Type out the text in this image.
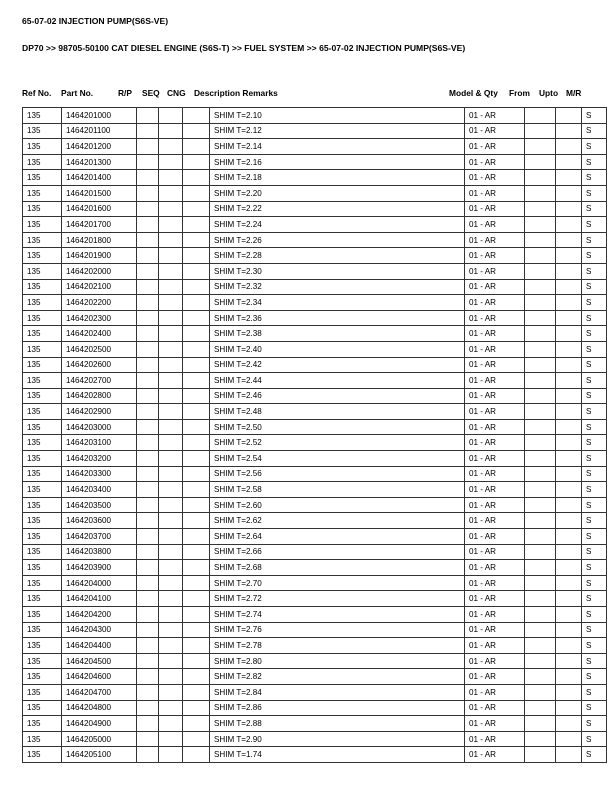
65-07-02 INJECTION PUMP(S6S-VE)
DP70 >> 98705-50100 CAT DIESEL ENGINE (S6S-T) >> FUEL SYSTEM >> 65-07-02 INJECTION PUMP(S6S-VE)
Ref No. Part No.	R/P SEQ CNG Description Remarks	Model & Qty From Upto M/R
135	1464201000				SHIM T=2.10	01 - AR			S
135	1464201100				SHIM T=2.12	01 - AR			S
135	1464201200				SHIM T=2.14	01 - AR			S
135	1464201300				SHIM T=2.16	01 - AR			S
135	1464201400				SHIM T=2.18	01 - AR			S
135	1464201500				SHIM T=2.20	01 - AR			S
135	1464201600				SHIM T=2.22	01 - AR			S
135	1464201700				SHIM T=2.24	01 - AR			S
135	1464201800				SHIM T=2.26	01 - AR			S
135	1464201900				SHIM T=2.28	01 - AR			S
135	1464202000				SHIM T=2.30	01 - AR			S
135	1464202100				SHIM T=2.32	01 - AR			S
135	1464202200				SHIM T=2.34	01 - AR			S
135	1464202300				SHIM T=2.36	01 - AR			S
135	1464202400				SHIM T=2.38	01 - AR			S
135	1464202500				SHIM T=2.40	01 - AR			S
135	1464202600				SHIM T=2.42	01 - AR			S
135	1464202700				SHIM T=2.44	01 - AR			S
135	1464202800				SHIM T=2.46	01 - AR			S
135	1464202900				SHIM T=2.48	01 - AR			S
135	1464203000				SHIM T=2.50	01 - AR			S
135	1464203100				SHIM T=2.52	01 - AR			S
135	1464203200				SHIM T=2.54	01 - AR			S
135	1464203300				SHIM T=2.56	01 - AR			S
135	1464203400				SHIM T=2.58	01 - AR			S
135	1464203500				SHIM T=2.60	01 - AR			S
135	1464203600				SHIM T=2.62	01 - AR			S
135	1464203700				SHIM T=2.64	01 - AR			S
135	1464203800				SHIM T=2.66	01 - AR			S
135	1464203900				SHIM T=2.68	01 - AR			S
135	1464204000				SHIM T=2.70	01 - AR			S
135	1464204100				SHIM T=2.72	01 - AR			S
135	1464204200				SHIM T=2.74	01 - AR			S
135	1464204300				SHIM T=2.76	01 - AR			S
135	1464204400				SHIM T=2.78	01 - AR			S
135	1464204500				SHIM T=2.80	01 - AR			S
135	1464204600				SHIM T=2.82	01 - AR			S
135	1464204700				SHIM T=2.84	01 - AR			S
135	1464204800				SHIM T=2.86	01 - AR			S
135	1464204900				SHIM T=2.88	01 - AR			S
135	1464205000				SHIM T=2.90	01 - AR			S
135	1464205100				SHIM T=1.74	01 - AR			S
